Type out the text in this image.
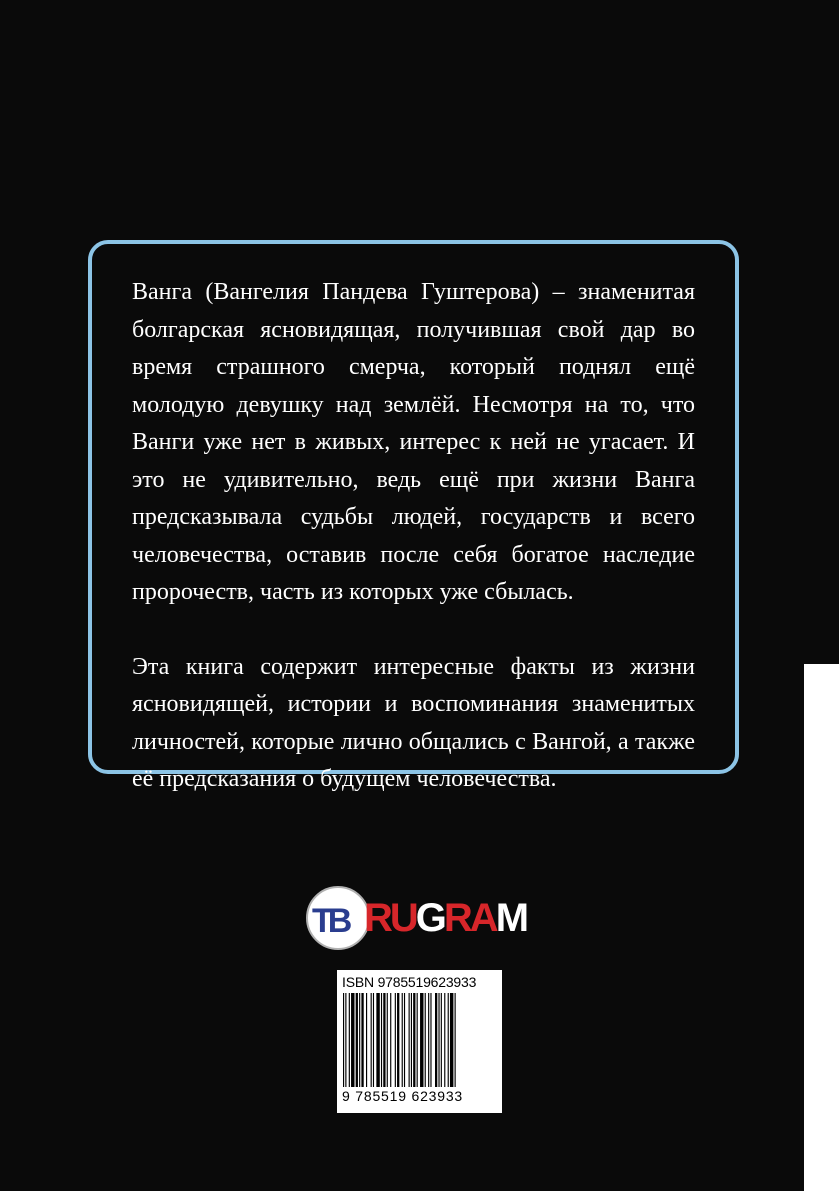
Ванга (Вангелия Пандева Гуштерова) – знаменитая болгарская ясновидящая, получившая свой дар во время страшного смерча, который поднял ещё молодую девушку над землёй. Несмотря на то, что Ванги уже нет в живых, интерес к ней не угасает. И это не удивительно, ведь ещё при жизни Ванга предсказывала судьбы людей, государств и всего человечества, оставив после себя богатое наследие пророчеств, часть из которых уже сбылась.

Эта книга содержит интересные факты из жизни ясновидящей, истории и воспоминания знаменитых личностей, которые лично общались с Вангой, а также её предсказания о будущем человечества.

ТВ RUGRAM
ISBN 9785519623933
9 785519 623933
